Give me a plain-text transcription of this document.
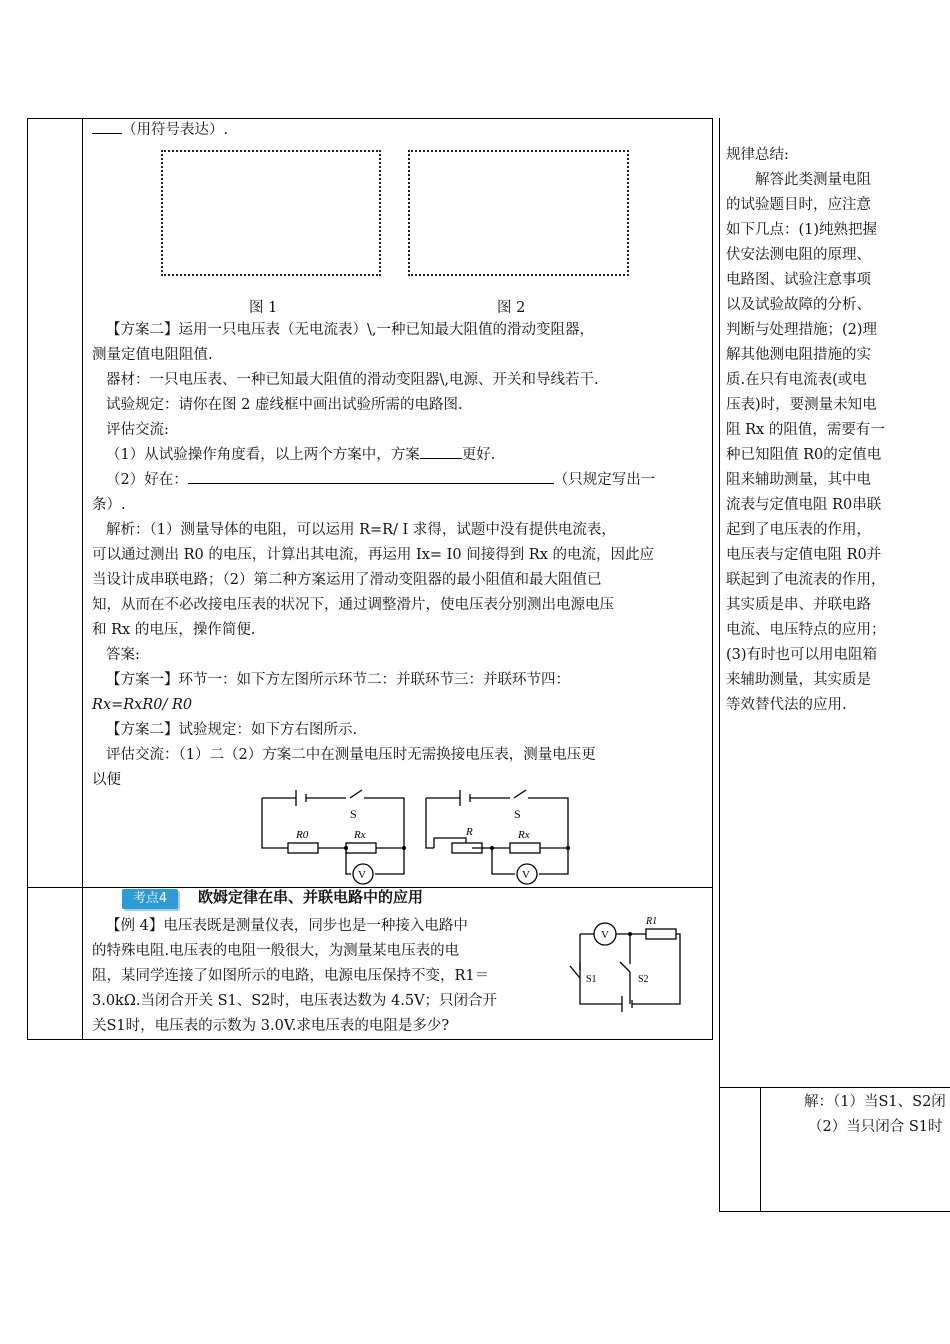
（用符号表达）.
图 1	图 2
【方案二】运用一只电压表（无电流表）\,一种已知最大阻值的滑动变阻器，
测量定值电阻阻值.
器材：一只电压表、一种已知最大阻值的滑动变阻器\,电源、开关和导线若干.
试验规定：请你在图 2 虚线框中画出试验所需的电路图.
评估交流:
（1）从试验操作角度看，以上两个方案中，方案	更好.
（2）好在：	（只规定写出一
条）.
解析：（1）测量导体的电阻，可以运用 R=R/ I 求得，试题中没有提供电流表，
可以通过测出 R0 的电压，计算出其电流，再运用 Ix= I0 间接得到 Rx 的电流，因此应
当设计成串联电路；（2）第二种方案运用了滑动变阻器的最小阻值和最大阻值已
知，从而在不必改接电压表的状况下，通过调整滑片，使电压表分别测出电源电压
和 Rx 的电压，操作简便.
答案:
【方案一】环节一：如下方左图所示环节二：并联环节三：并联环节四：
Rx=RxR0/ R0
【方案二】试验规定：如下方右图所示.
评估交流：（1）二（2）方案二中在测量电压时无需换接电压表，测量电压更
以便
S
R0	Rx
V
S
R	Rx
V
考点4	欧姆定律在串、并联电路中的应用
【例 4】电压表既是测量仪表，同步也是一种接入电路中
的特殊电阻.电压表的电阻一般很大，为测量某电压表的电
阻，某同学连接了如图所示的电路，电源电压保持不变，R1＝
3.0kΩ.当闭合开关 S1、S2时，电压表达数为 4.5V；只闭合开
关S1时，电压表的示数为 3.0V.求电压表的电阻是多少?
V
R1
S1	S2

规律总结:

　　解答此类测量电阻

的试验题目时，应注意

如下几点：(1)纯熟把握

伏安法测电阻的原理、

电路图、试验注意事项

以及试验故障的分析、

判断与处理措施；(2)理

解其他测电阻措施的实

质.在只有电流表(或电

压表)时，要测量未知电

阻 Rx 的阻值，需要有一

种已知阻值 R0的定值电

阻来辅助测量，其中电

流表与定值电阻 R0串联

起到了电压表的作用，

电压表与定值电阻 R0并

联起到了电流表的作用，

其实质是串、并联电路

电流、电压特点的应用；

(3)有时也可以用电阻箱

来辅助测量，其实质是

等效替代法的应用.

解：（1）当S1、S2闭
（2）当只闭合 S1时
